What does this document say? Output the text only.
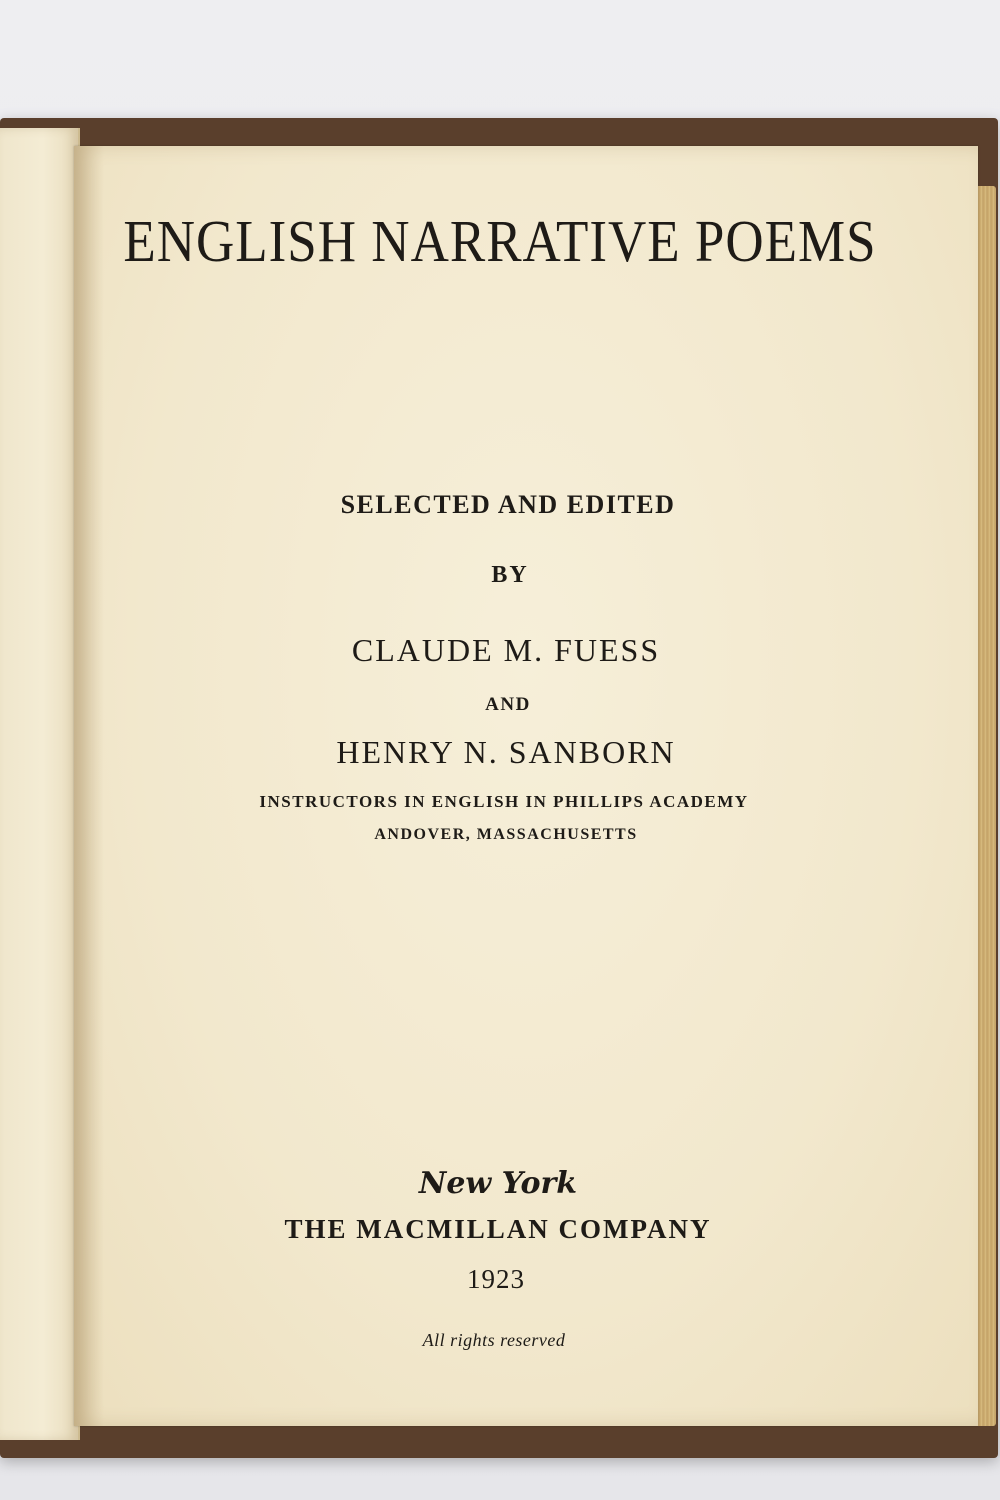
ENGLISH NARRATIVE POEMS
SELECTED AND EDITED
BY
CLAUDE M. FUESS
AND
HENRY N. SANBORN
INSTRUCTORS IN ENGLISH IN PHILLIPS ACADEMY
ANDOVER, MASSACHUSETTS
New York
THE MACMILLAN COMPANY
1923
All rights reserved
